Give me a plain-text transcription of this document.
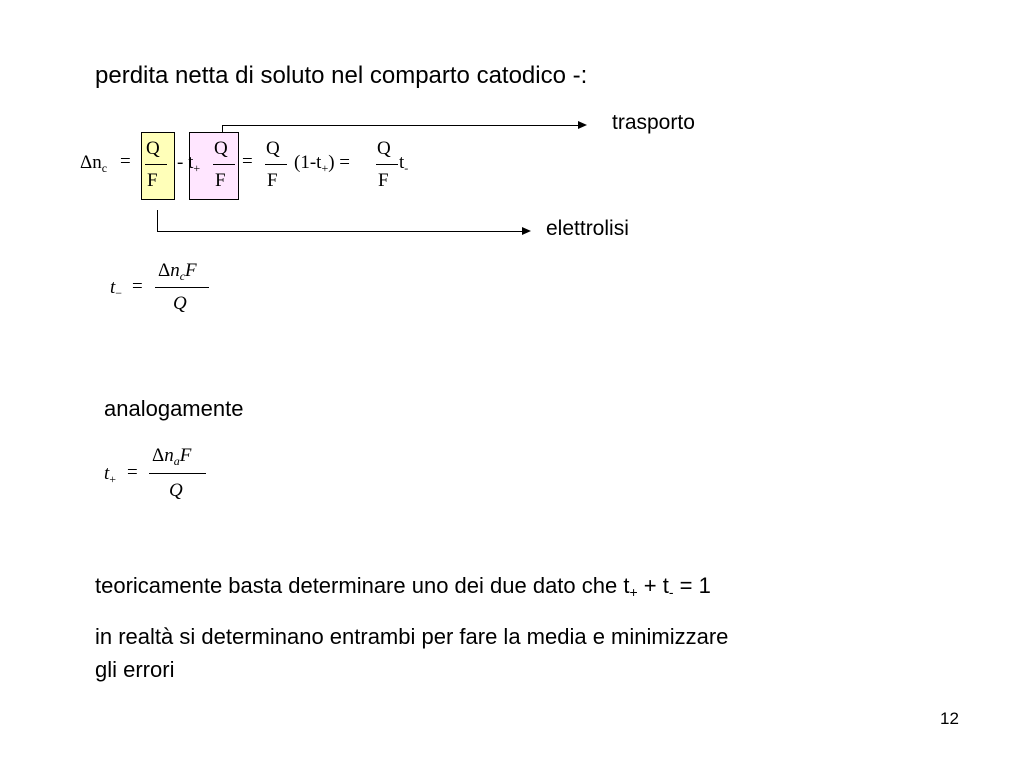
perdita netta di soluto nel comparto catodico -:
trasporto
$\Delta n_c$ =
Q
F
- $t_+$
Q
F
=
Q
F
$(1-t_+)$ =
Q
F
$t_-$
elettrolisi
$t_-$ =
$\Delta n_cF$
Q
analogamente
$t_+$ =
$\Delta n_aF$
Q
teoricamente basta determinare uno dei due dato che t+ + t- = 1
in realtà si determinano entrambi per fare la media e minimizzare
gli errori
12
